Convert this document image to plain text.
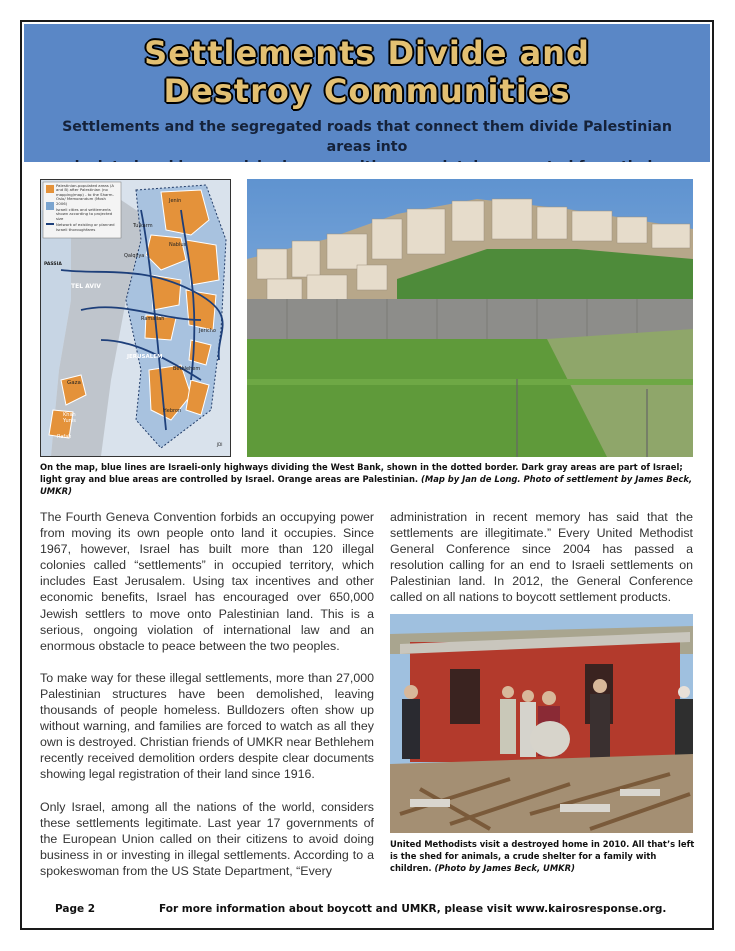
Settlements Divide and
Destroy Communities
Settlements and the segregated roads that connect them divide Palestinian areas into
Palestinian-populated areas (A and B) after Palestinian (no mapping/map) - to the Sharm-Oslo/ Memorandum (Mosh 2006)
Israeli cities and settlements shown according to projected size
Network of existing or planned Israeli thoroughfares
Jenin
Tulkarm
Nablus
Qalqilya
TEL AVIV
Ramallah
Jericho
JERUSALEM
Bethlehem
Gaza
Hebron
Khan Yunis
Rafah
PASSIA
JDI
On the map, blue lines are Israeli-only highways dividing the West Bank, shown in the dotted border. Dark gray areas are part of Israel; light gray and blue areas are controlled by Israel. Orange areas are Palestinian. (Map by Jan de Long. Photo of settlement by James Beck, UMKR)

The Fourth Geneva Convention forbids an occupying power from moving its own people onto land it occupies. Since 1967, however, Israel has built more than 120 illegal colonies called “settlements” in occupied territory, which includes East Jerusalem. Using tax incentives and other economic benefits, Israel has encouraged over 650,000 Jewish settlers to move onto Palestinian land. This is a serious, ongoing violation of international law and an enormous obstacle to peace between the two peoples.

To make way for these illegal settlements, more than 27,000 Palestinian structures have been demolished, leaving thousands of people homeless. Bulldozers often show up without warning, and families are forced to watch as all they own is destroyed. Christian friends of UMKR near Bethlehem recently received demolition orders despite clear documents showing legal registration of their land since 1916.

Only Israel, among all the nations of the world, considers these settlements legitimate. Last year 17 governments of the European Union called on their citizens to avoid doing business in or investing in illegal settlements. According to a spokeswoman from the US State Department, “Every

administration in recent memory has said that the settlements are illegitimate.” Every United Methodist General Conference since 2004 has passed a resolution calling for an end to Israeli settlements on Palestinian land. In 2012, the General Conference called on all nations to boycott settlement products.

United Methodists visit a destroyed home in 2010. All that’s left is the shed for animals, a crude shelter for a family with children. (Photo by James Beck, UMKR)
Page 2	For more information about boycott and UMKR, please visit www.kairosresponse.org.
